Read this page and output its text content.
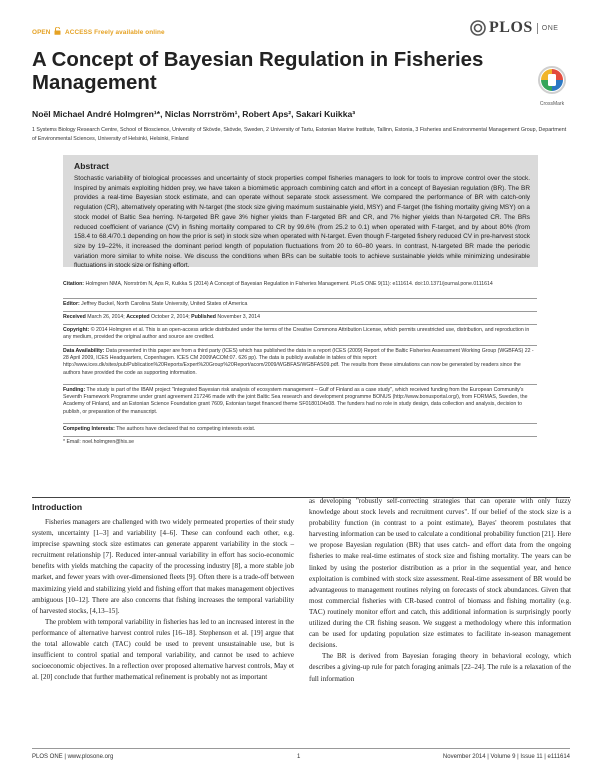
OPEN ACCESS Freely available online	PLOS ONE
A Concept of Bayesian Regulation in Fisheries Management
CrossMark
Noël Michael André Holmgren¹*, Niclas Norrström¹, Robert Aps², Sakari Kuikka³

1 Systems Biology Research Centre, School of Bioscience, University of Skövde, Skövde, Sweden, 2 University of Tartu, Estonian Marine Institute, Tallinn, Estonia, 3 Fisheries and Environmental Management Group, Department of Environmental Sciences, University of Helsinki, Helsinki, Finland

Abstract

Stochastic variability of biological processes and uncertainty of stock properties compel fisheries managers to look for tools to improve control over the stock. Inspired by animals exploiting hidden prey, we have taken a biomimetic approach combining catch and effort in a concept of Bayesian regulation (BR). The BR provides a real-time Bayesian stock estimate, and can operate without separate stock assessment. We compared the performance of BR with catch-only regulation (CR), alternatively operating with N-target (the stock size giving maximum sustainable yield, MSY) and F-target (the fishing mortality giving MSY) on a stock model of Baltic Sea herring. N-targeted BR gave 3% higher yields than F-targeted BR and CR, and 7% higher yields than N-targeted CR. The BRs reduced coefficient of variance (CV) in fishing mortality compared to CR by 99.6% (from 25.2 to 0.1) when operated with F-target, and by about 80% (from 158.4 to 68.4/70.1 depending on how the prior is set) in stock size when operated with N-target. Even though F-targeted fishery reduced CV in pre-harvest stock size by 19–22%, it increased the dominant period length of population fluctuations from 20 to 60–80 years. In contrast, N-targeted BR made the periodic variation more similar to white noise. We discuss the conditions when BRs can be suitable tools to achieve sustainable yields while minimizing undesirable fluctuations in stock size or fishing effort.

Citation: Holmgren NMA, Norrström N, Aps R, Kuikka S (2014) A Concept of Bayesian Regulation in Fisheries Management. PLoS ONE 9(11): e111614. doi:10.1371/journal.pone.0111614

Editor: Jeffrey Buckel, North Carolina State University, United States of America

Received March 26, 2014; Accepted October 2, 2014; Published November 3, 2014

Copyright: © 2014 Holmgren et al. This is an open-access article distributed under the terms of the Creative Commons Attribution License, which permits unrestricted use, distribution, and reproduction in any medium, provided the original author and source are credited.

Data Availability: Data presented in this paper are from a third party (ICES) which has published the data in a report (ICES (2009) Report of the Baltic Fisheries Assessment Working Group (WGBFAS) 22 - 28 April 2009, ICES Headquarters, Copenhagen. ICES CM 2009\ACOM:07. 626 pp). The data is publicly available in tables of this report: http://www.ices.dk/sites/pub/Publication%20Reports/Expert%20Group%20Report/acom/2009/WGBFAS/WGBFAS09.pdf. The results from these simulations can now be generated by readers since the authors have provided the code as supporting information.

Funding: The study is part of the IBAM project "Integrated Bayesian risk analysis of ecosystem management – Gulf of Finland as a case study", which received funding from the European Community's Seventh Framework Programme under grant agreement 217246 made with the joint Baltic Sea research and development programme BONUS (http://www.bonusportal.org/), from FORMAS, Sweden, the Academy of Finland, and an Estonian Science Foundation grant 7609, Estonian target financed theme SF0180104s08. The funders had no role in study design, data collection and analysis, decision to publish, or preparation of the manuscript.

Competing Interests: The authors have declared that no competing interests exist.

* Email: noel.holmgren@his.se

Introduction

Fisheries managers are challenged with two widely permeated properties of their study system, uncertainty [1–3] and variability [4–6]. These can confound each other, e.g. imprecise spawning stock size estimates can generate apparent variability in the stock – recruitment relationship [7]. Reduced inter-annual variability in effort has socio-economic benefits with yields matching the capacity of the processing industry [8], a more stable job market, and fewer years with over-dimensioned fleets [9]. Often there is a trade-off between maximizing yield and stabilizing yield and fishing effort that makes management objectives ambiguous [10–12]. There are also concerns that fishing increases the temporal variability of harvested stocks, [4,13–15].

The problem with temporal variability in fisheries has led to an increased interest in the performance of alternative harvest control rules [16–18]. Stephenson et al. [19] argue that the total allowable catch (TAC) could be used to prevent unsustainable use, but is insufficient to control spatial and temporal variability, and cannot be used to achieve socioeconomic objectives. In a reflection over proposed alternative harvest controls, May et al. [20] conclude that further mathematical refinement is probably not as important

as developing "robustly self-correcting strategies that can operate with only fuzzy knowledge about stock levels and recruitment curves". If our belief of the stock size is a probability function (in contrast to a point estimate), Bayes' theorem postulates that harvesting information can be used to calculate a conditional probability function [21]. Here we propose Bayesian regulation (BR) that uses catch- and effort data from the ongoing fisheries to make real-time estimates of stock size and fishing mortality. The years can be linked by using the posterior distribution as a prior in the sequential year, and hence exploitation is combined with stock size assessment. Real-time assessment of BR would be advantageous to management routines relying on forecasts of stock abundances. Given that most commercial fisheries with CR-based control of biomass and fishing mortality (e.g. TAC) routinely monitor effort and catch, this additional information is surprisingly poorly utilized during the CR fishing season. We suggest a methodology where this information can be used for updating population size estimates to facilitate in-season management decisions.

The BR is derived from Bayesian foraging theory in behavioral ecology, which describes a giving-up rule for patch foraging animals [22–24]. The rule is a relaxation of the full information

PLOS ONE | www.plosone.org	1	November 2014 | Volume 9 | Issue 11 | e111614
